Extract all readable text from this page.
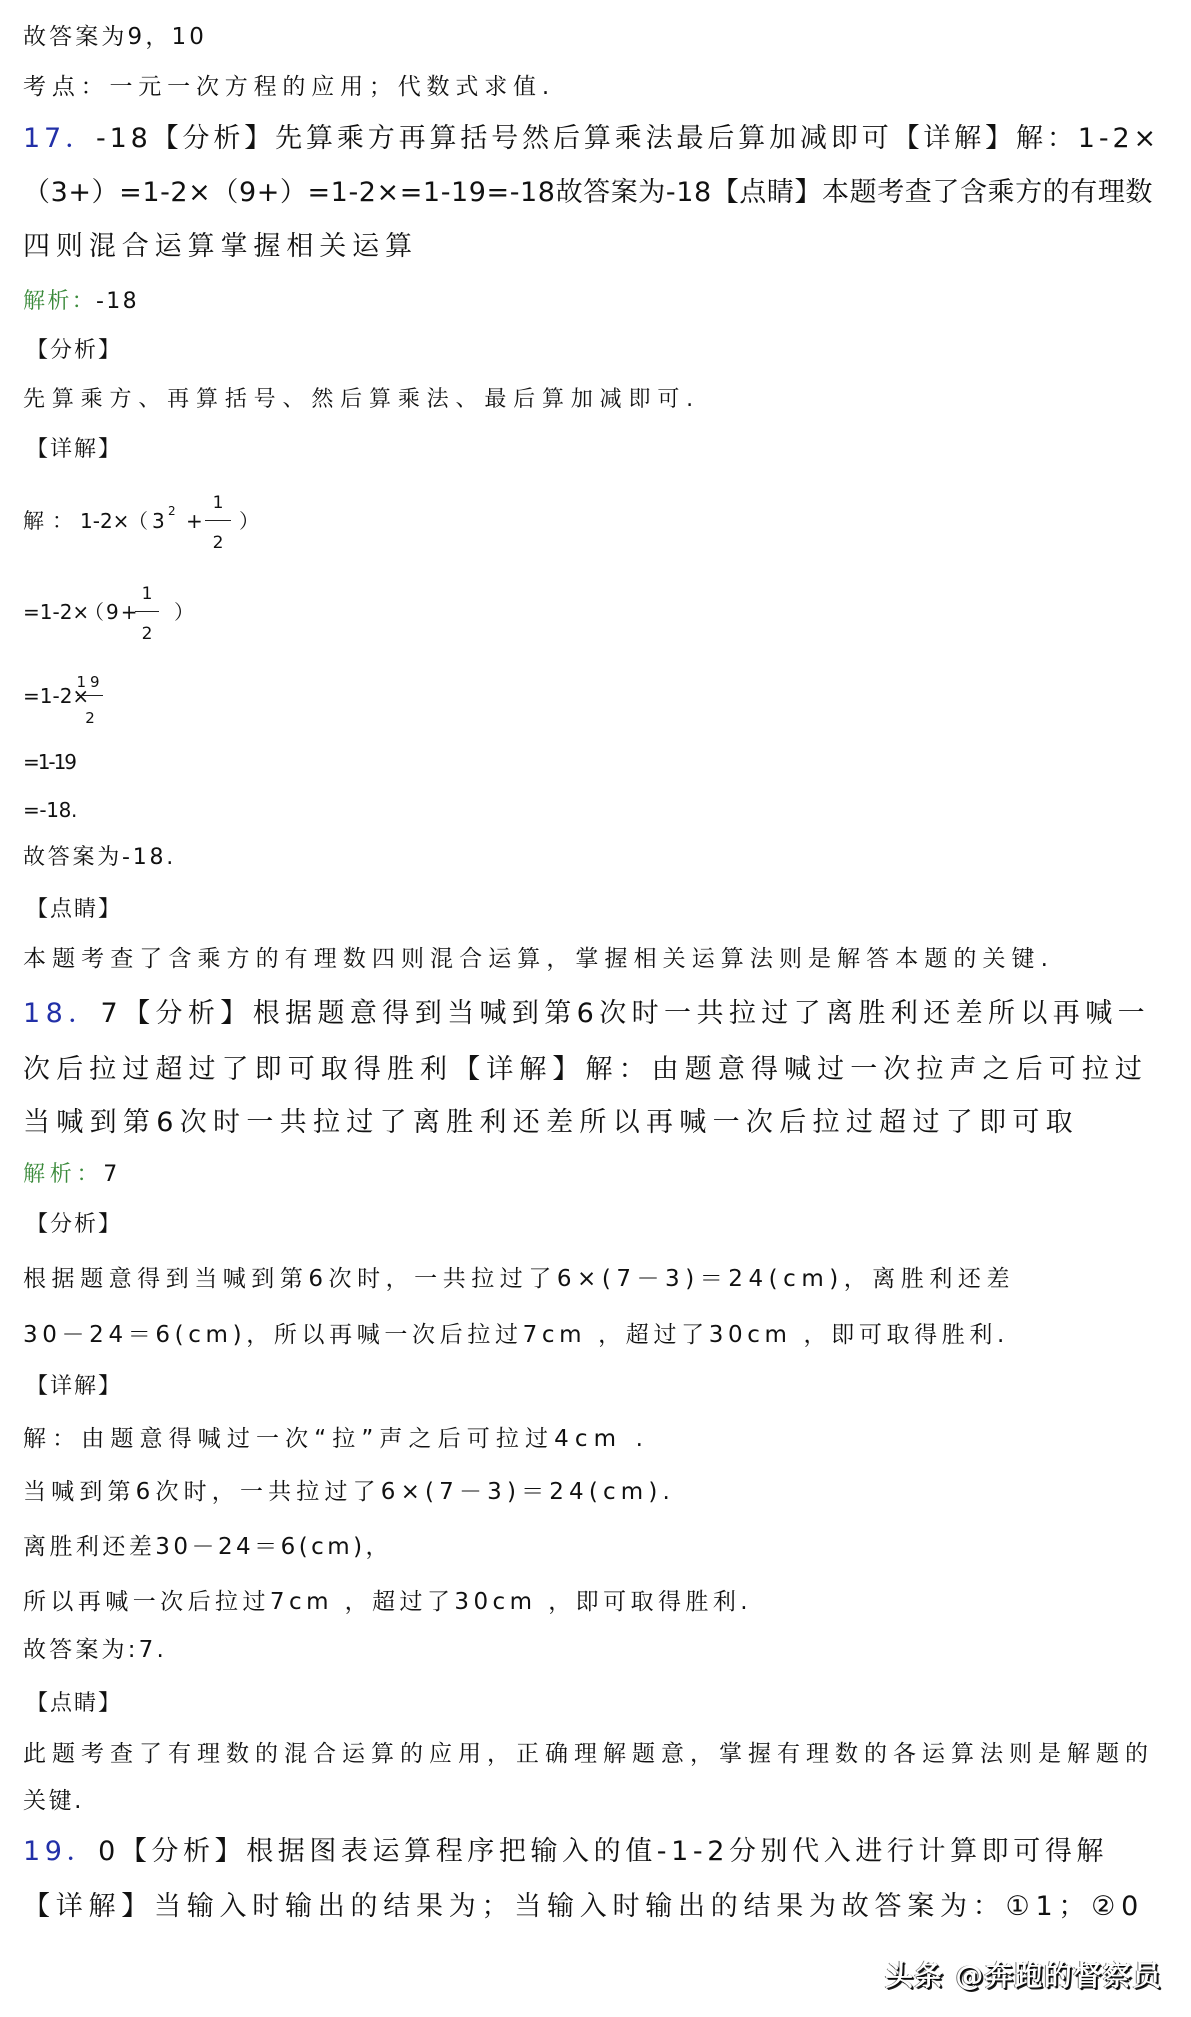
故答案为9，10
考点：一元一次方程的应用；代数式求值.
17．-18【分析】先算乘方再算括号然后算乘法最后算加减即可【详解】解：1-2×
（3+）=1-2×（9+）=1-2×=1-19=-18故答案为-18【点睛】本题考查了含乘方的有理数
四则混合运算掌握相关运算
解析：-18
【分析】
先算乘方、再算括号、然后算乘法、最后算加减即可.
【详解】
解： 1-2×
（3 2 +
1
2
）
=1-2×
（9+
1
2
）
=1-2×
19
2
=1-19
=-18.
故答案为-18.
【点睛】
本题考查了含乘方的有理数四则混合运算，掌握相关运算法则是解答本题的关键.
18．7【分析】根据题意得到当喊到第6次时一共拉过了离胜利还差所以再喊一
次后拉过超过了即可取得胜利【详解】解：由题意得喊过一次拉声之后可拉过
当喊到第6次时一共拉过了离胜利还差所以再喊一次后拉过超过了即可取
解析：7
【分析】
根据题意得到当喊到第6次时，一共拉过了6×(7－3)＝24(cm)，离胜利还差
30－24＝6(cm)，所以再喊一次后拉过7cm ，超过了30cm ，即可取得胜利.
【详解】
解：由题意得喊过一次“拉”声之后可拉过4cm .
当喊到第6次时，一共拉过了6×(7－3)＝24(cm).
离胜利还差30－24＝6(cm)，
所以再喊一次后拉过7cm ，超过了30cm ，即可取得胜利.
故答案为:7.
【点睛】
此题考查了有理数的混合运算的应用，正确理解题意，掌握有理数的各运算法则是解题的
关键.
19．0【分析】根据图表运算程序把输入的值-1-2分别代入进行计算即可得解
【详解】当输入时输出的结果为；当输入时输出的结果为故答案为：①1；②0
头条 @奔跑的督察员
